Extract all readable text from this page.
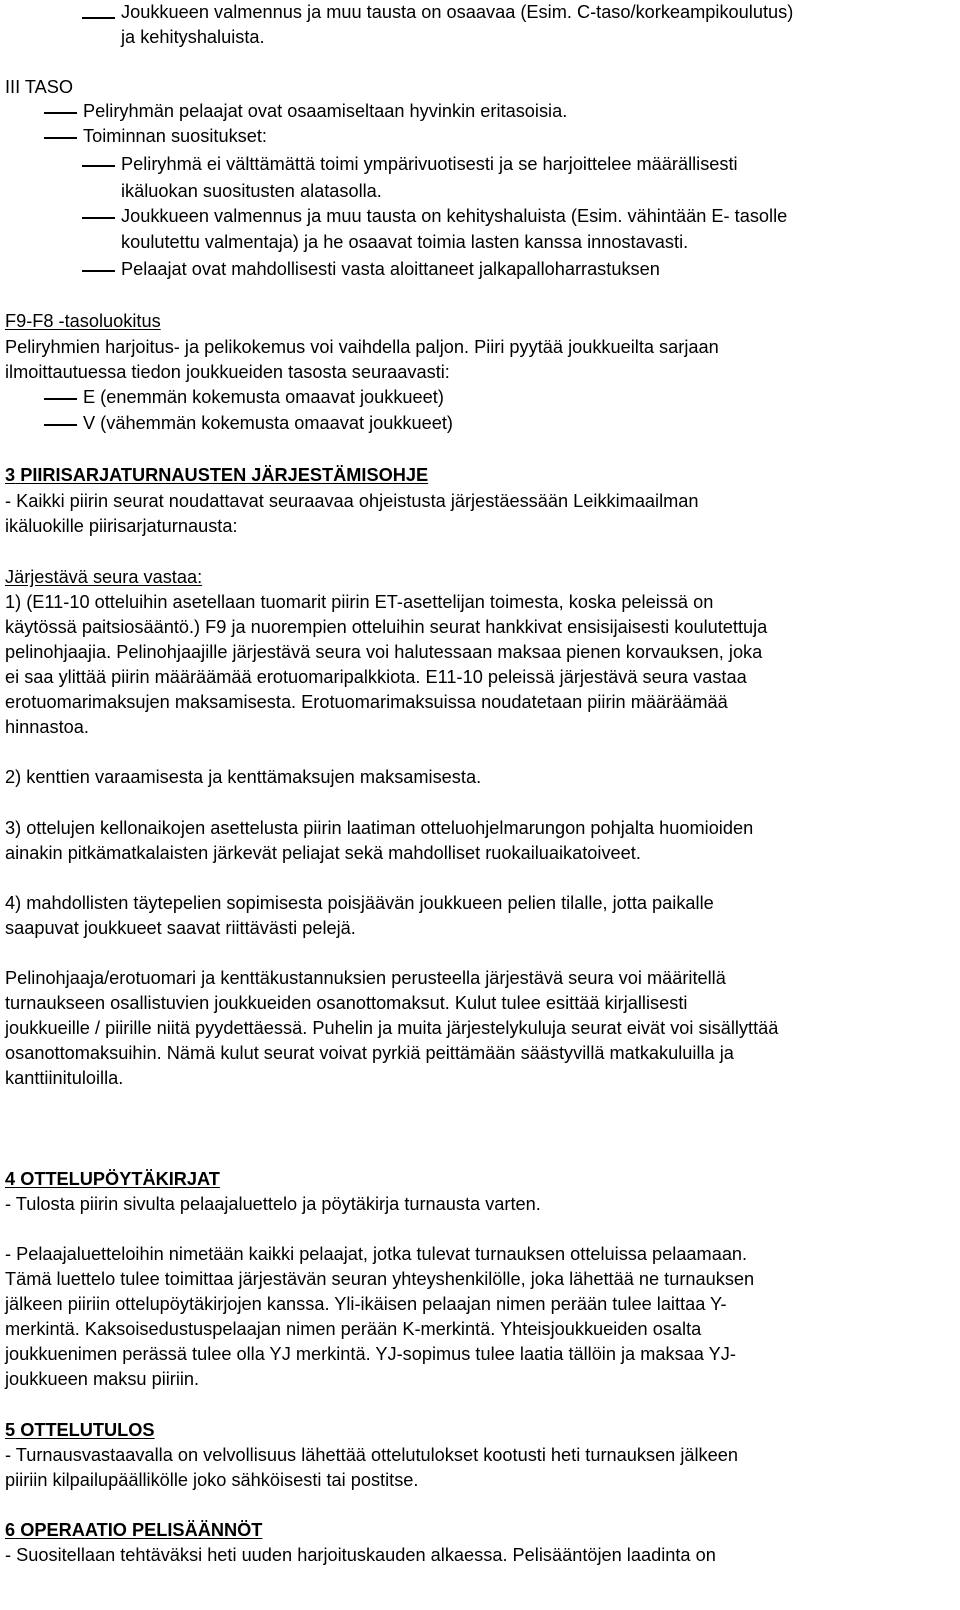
Joukkueen valmennus ja muu tausta on osaavaa (Esim. C-taso/korkeampikoulutus)
ja kehityshaluista.
III TASO
Peliryhmän pelaajat ovat osaamiseltaan hyvinkin eritasoisia.
Toiminnan suositukset:
Peliryhmä ei välttämättä toimi ympärivuotisesti ja se harjoittelee määrällisesti
ikäluokan suositusten alatasolla.
Joukkueen valmennus ja muu tausta on kehityshaluista (Esim. vähintään E- tasolle
koulutettu valmentaja) ja he osaavat toimia lasten kanssa innostavasti.
Pelaajat ovat mahdollisesti vasta aloittaneet jalkapalloharrastuksen
F9-F8 -tasoluokitus
Peliryhmien harjoitus- ja pelikokemus voi vaihdella paljon. Piiri pyytää joukkueilta sarjaan
ilmoittautuessa tiedon joukkueiden tasosta seuraavasti:
E (enemmän kokemusta omaavat joukkueet)
V (vähemmän kokemusta omaavat joukkueet)
3 PIIRISARJATURNAUSTEN JÄRJESTÄMISOHJE
- Kaikki piirin seurat noudattavat seuraavaa ohjeistusta järjestäessään Leikkimaailman
ikäluokille piirisarjaturnausta:
Järjestävä seura vastaa:
1) (E11-10 otteluihin asetellaan tuomarit piirin ET-asettelijan toimesta, koska peleissä on
käytössä paitsiosääntö.) F9 ja nuorempien otteluihin seurat hankkivat ensisijaisesti koulutettuja
pelinohjaajia. Pelinohjaajille järjestävä seura voi halutessaan maksaa pienen korvauksen, joka
ei saa ylittää piirin määräämää erotuomaripalkkiota. E11-10 peleissä järjestävä seura vastaa
erotuomarimaksujen maksamisesta. Erotuomarimaksuissa noudatetaan piirin määräämää
hinnastoa.
2) kenttien varaamisesta ja kenttämaksujen maksamisesta.
3) ottelujen kellonaikojen asettelusta piirin laatiman otteluohjelmarungon pohjalta huomioiden
ainakin pitkämatkalaisten järkevät peliajat sekä mahdolliset ruokailuaikatoiveet.
4) mahdollisten täytepelien sopimisesta poisjäävän joukkueen pelien tilalle, jotta paikalle
saapuvat joukkueet saavat riittävästi pelejä.
Pelinohjaaja/erotuomari ja kenttäkustannuksien perusteella järjestävä seura voi määritellä
turnaukseen osallistuvien joukkueiden osanottomaksut. Kulut tulee esittää kirjallisesti
joukkueille / piirille niitä pyydettäessä. Puhelin ja muita järjestelykuluja seurat eivät voi sisällyttää
osanottomaksuihin. Nämä kulut seurat voivat pyrkiä peittämään säästyvillä matkakuluilla ja
kanttiinituloilla.
4 OTTELUPÖYTÄKIRJAT
- Tulosta piirin sivulta pelaajaluettelo ja pöytäkirja turnausta varten.
- Pelaajaluetteloihin nimetään kaikki pelaajat, jotka tulevat turnauksen otteluissa pelaamaan.
Tämä luettelo tulee toimittaa järjestävän seuran yhteyshenkilölle, joka lähettää ne turnauksen
jälkeen piiriin ottelupöytäkirjojen kanssa. Yli-ikäisen pelaajan nimen perään tulee laittaa Y-
merkintä. Kaksoisedustuspelaajan nimen perään K-merkintä. Yhteisjoukkueiden osalta
joukkuenimen perässä tulee olla YJ merkintä. YJ-sopimus tulee laatia tällöin ja maksaa YJ-
joukkueen maksu piiriin.
5 OTTELUTULOS
- Turnausvastaavalla on velvollisuus lähettää ottelutulokset kootusti heti turnauksen jälkeen
piiriin kilpailupäällikölle joko sähköisesti tai postitse.
6 OPERAATIO PELISÄÄNNÖT
- Suositellaan tehtäväksi heti uuden harjoituskauden alkaessa. Pelisääntöjen laadinta on
